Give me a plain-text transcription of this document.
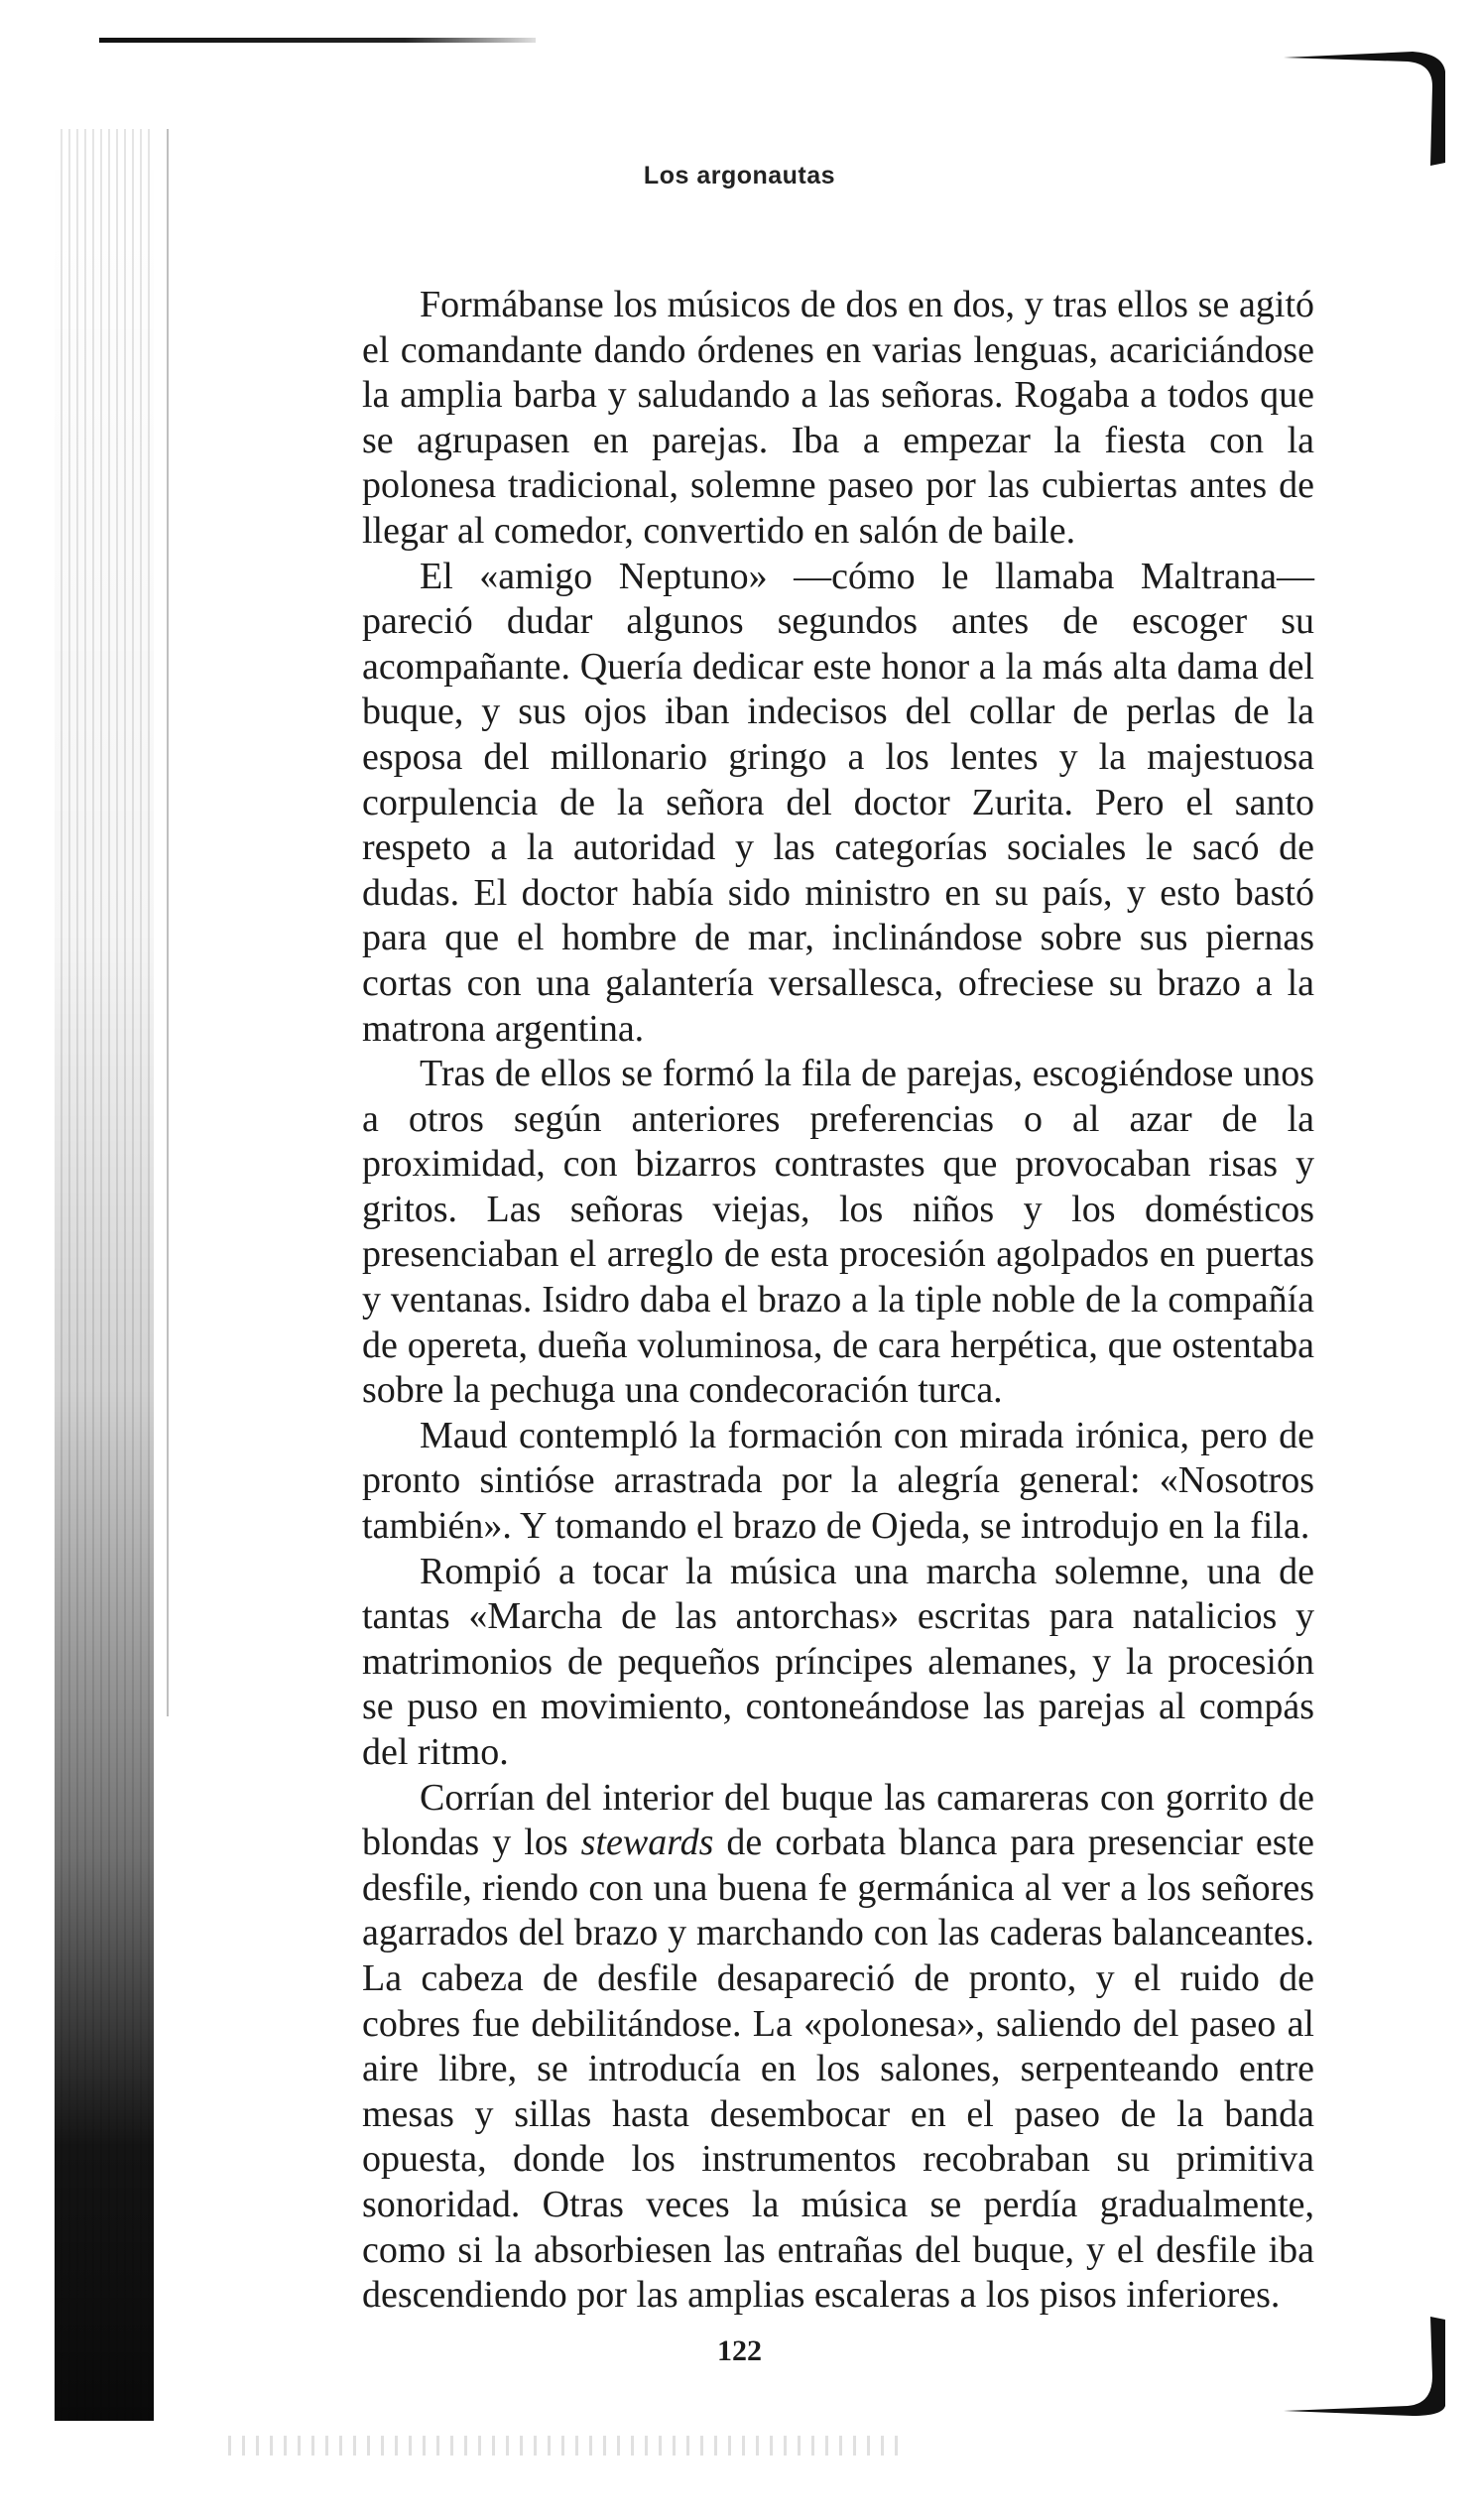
Los argonautas

Formábanse los músicos de dos en dos, y tras ellos se agitó el comandante dando órdenes en varias lenguas, acariciándose la amplia barba y saludando a las señoras. Rogaba a todos que se agrupasen en parejas. Iba a empezar la fiesta con la polonesa tradicional, solemne paseo por las cubiertas antes de llegar al comedor, convertido en salón de baile.

El «amigo Neptuno» —cómo le llamaba Maltrana— pareció dudar algunos segundos antes de escoger su acompañante. Quería dedicar este honor a la más alta dama del buque, y sus ojos iban indecisos del collar de perlas de la esposa del millonario gringo a los lentes y la majestuosa corpulencia de la señora del doctor Zurita. Pero el santo respeto a la autoridad y las categorías sociales le sacó de dudas. El doctor había sido ministro en su país, y esto bastó para que el hombre de mar, inclinándose sobre sus piernas cortas con una galantería versallesca, ofreciese su brazo a la matrona argentina.

Tras de ellos se formó la fila de parejas, escogiéndose unos a otros según anteriores preferencias o al azar de la proximidad, con bizarros contrastes que provocaban risas y gritos. Las señoras viejas, los niños y los domésticos presenciaban el arreglo de esta procesión agolpados en puertas y ventanas. Isidro daba el brazo a la tiple noble de la compañía de opereta, dueña voluminosa, de cara herpética, que ostentaba sobre la pechuga una condecoración turca.

Maud contempló la formación con mirada irónica, pero de pronto sintióse arrastrada por la alegría general: «Nosotros también». Y tomando el brazo de Ojeda, se introdujo en la fila.

Rompió a tocar la música una marcha solemne, una de tantas «Marcha de las antorchas» escritas para natalicios y matrimonios de pequeños príncipes alemanes, y la procesión se puso en movimiento, contoneándose las parejas al compás del ritmo.

Corrían del interior del buque las camareras con gorrito de blondas y los stewards de corbata blanca para presenciar este desfile, riendo con una buena fe germánica al ver a los señores agarrados del brazo y marchando con las caderas balanceantes. La cabeza de desfile desapareció de pronto, y el ruido de cobres fue debilitándose. La «polonesa», saliendo del paseo al aire libre, se introducía en los salones, serpenteando entre mesas y sillas hasta desembocar en el paseo de la banda opuesta, donde los instrumentos recobraban su primitiva sonoridad. Otras veces la música se perdía gradualmente, como si la absorbiesen las entrañas del buque, y el desfile iba descendiendo por las amplias escaleras a los pisos inferiores.

122
